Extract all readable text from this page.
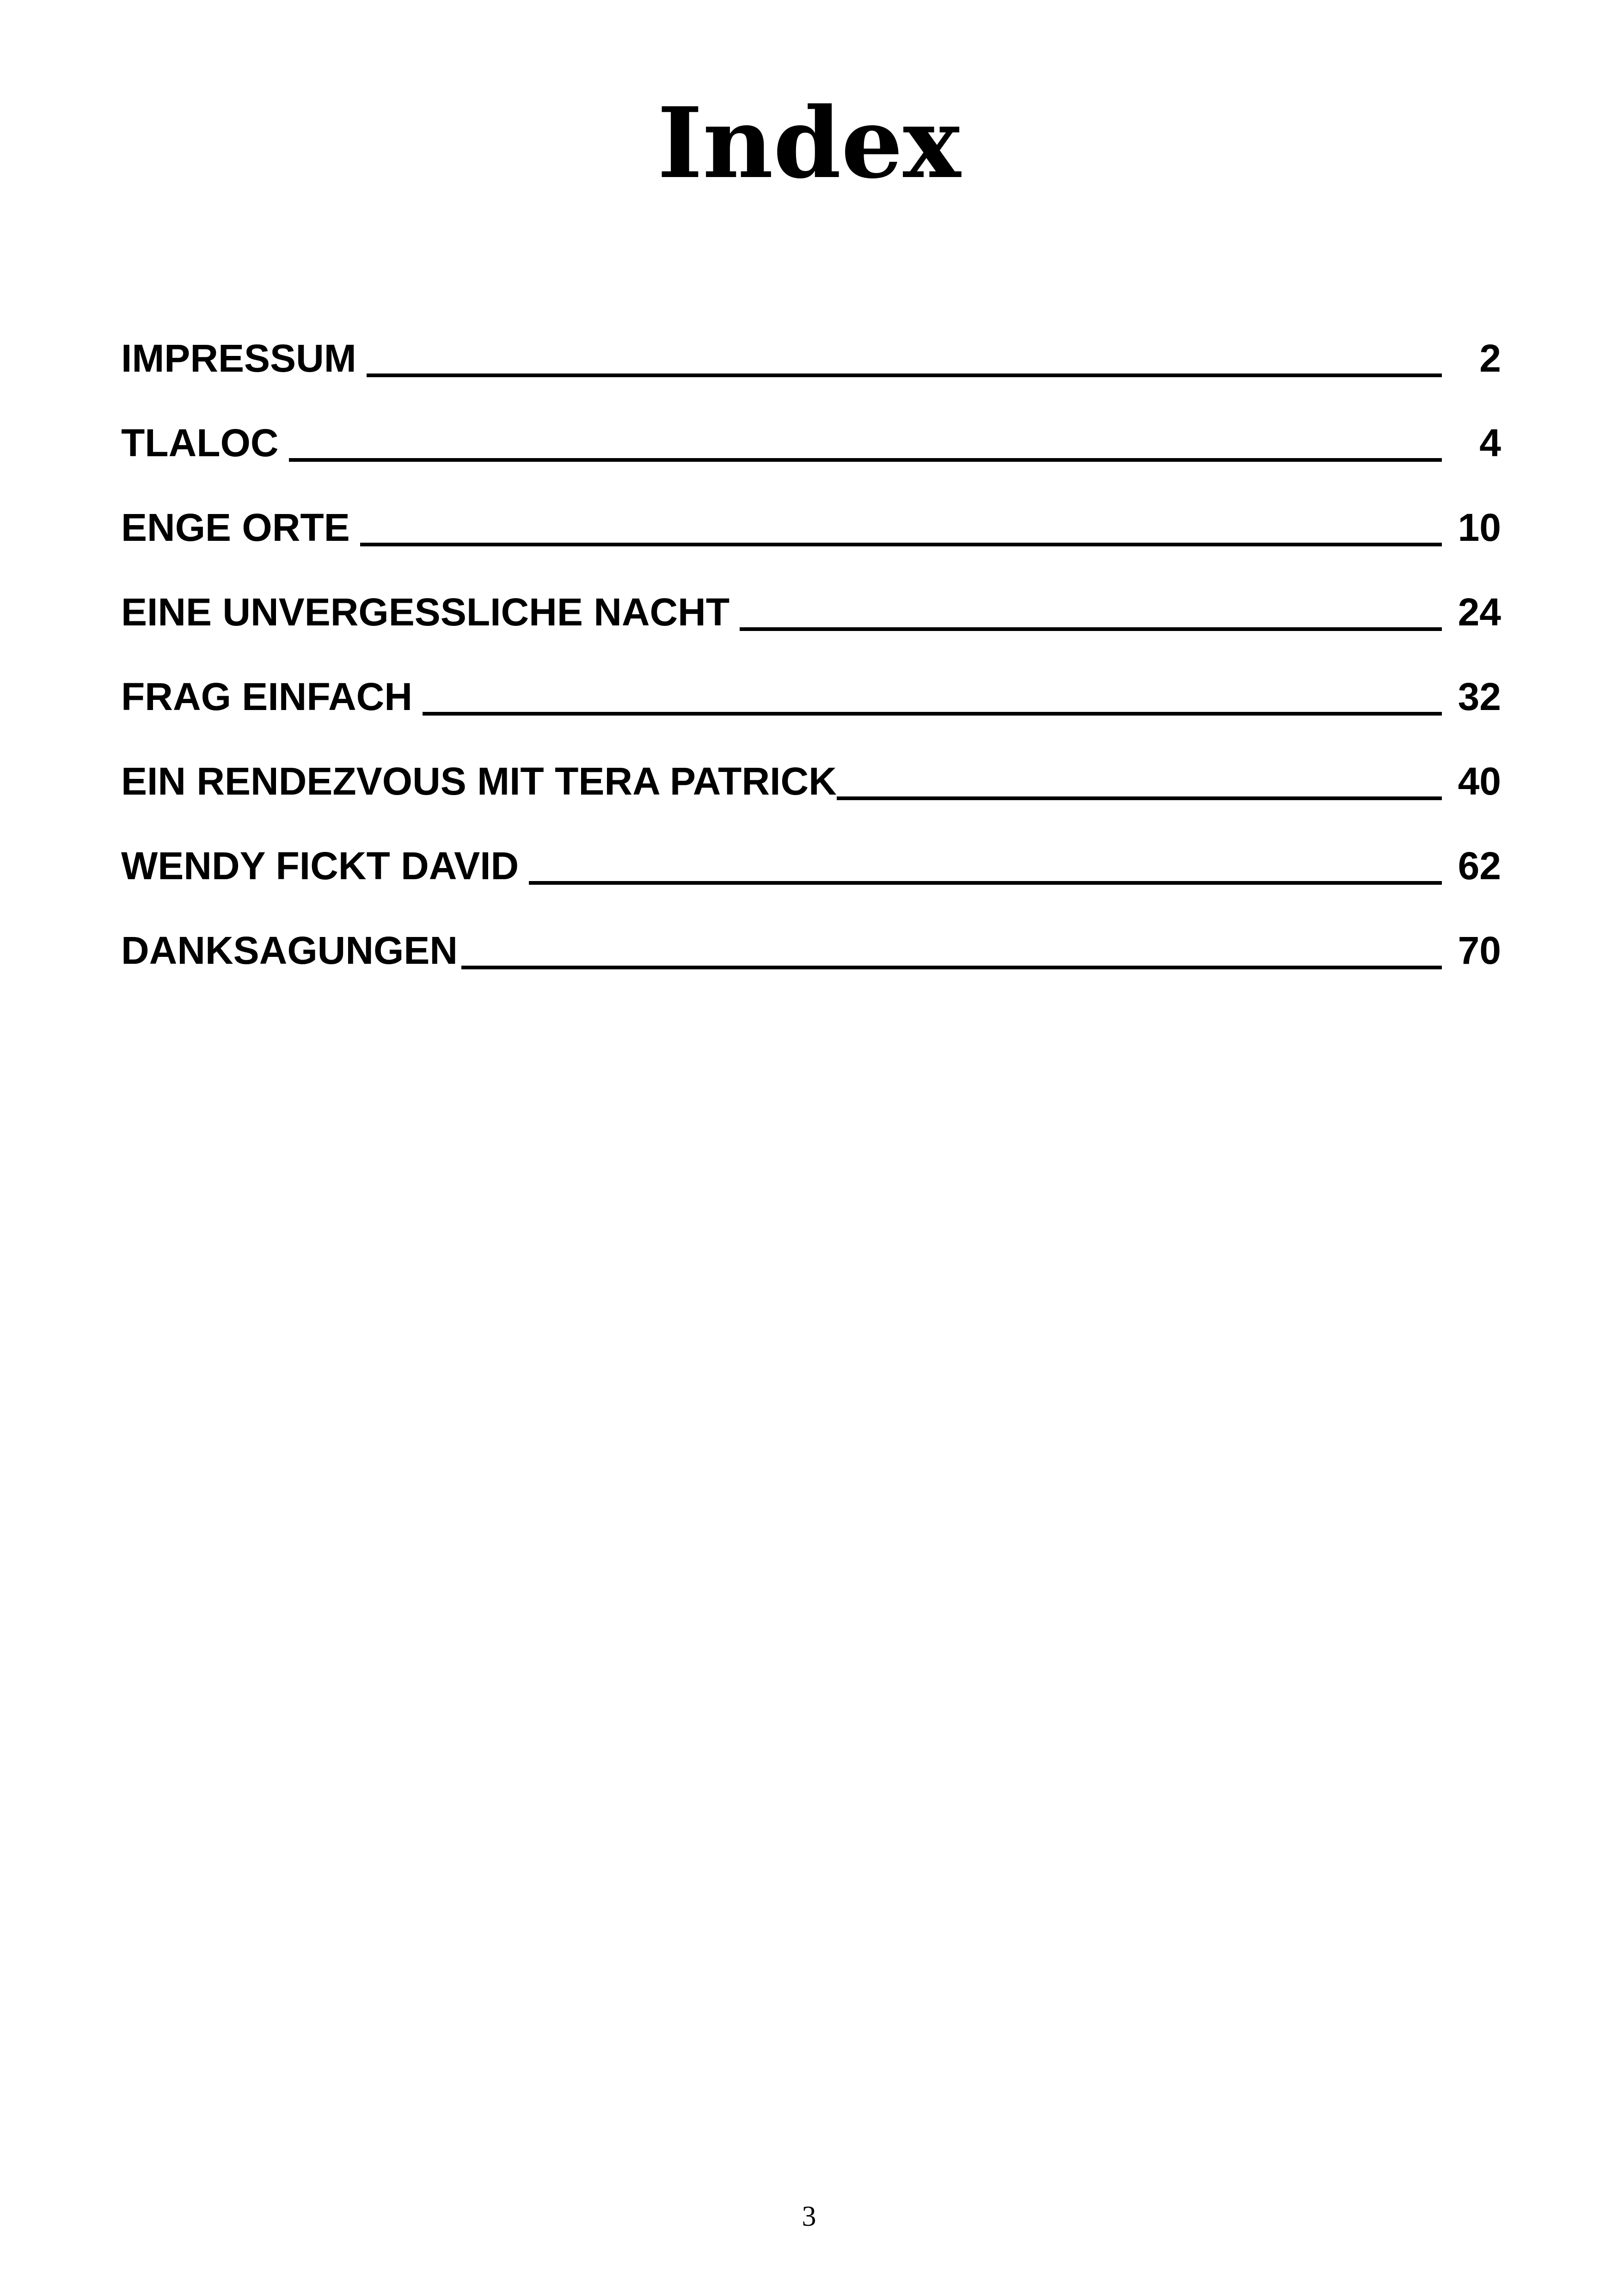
Index
IMPRESSUM	2
TLALOC	4
ENGE ORTE	10
EINE UNVERGESSLICHE NACHT	24
FRAG EINFACH	32
EIN RENDEZVOUS MIT TERA PATRICK	40
WENDY FICKT DAVID	62
DANKSAGUNGEN	70
3
